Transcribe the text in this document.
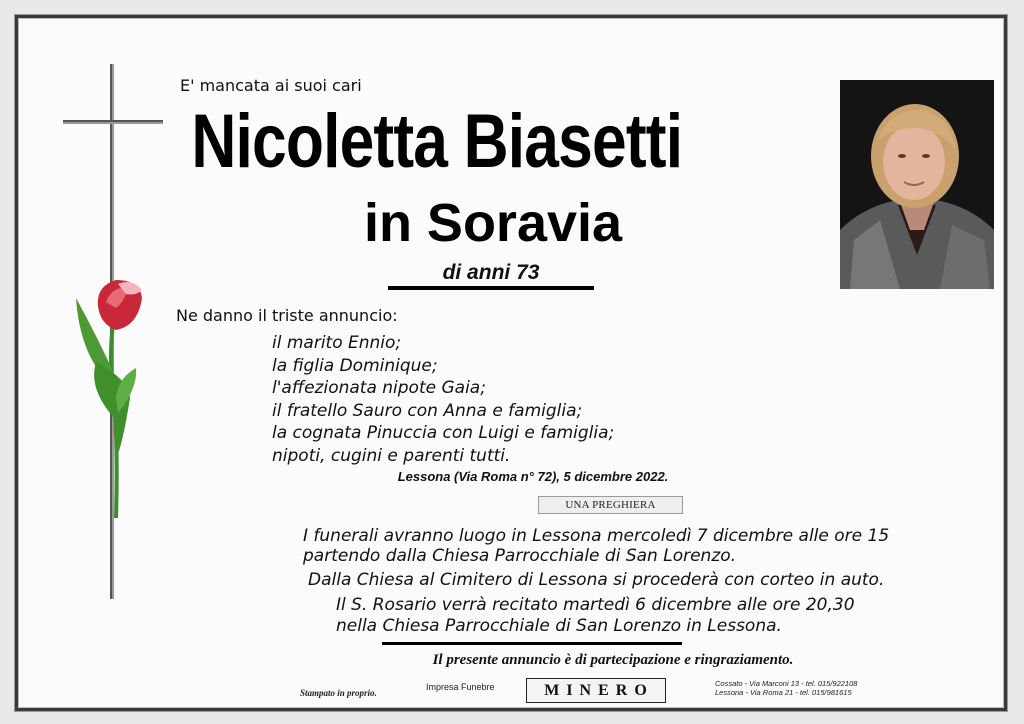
E' mancata ai suoi cari
Nicoletta Biasetti
in Soravia
di anni 73
Ne danno il triste annuncio:
il marito Ennio;
la figlia Dominique;
l'affezionata nipote Gaia;
il fratello Sauro con Anna e famiglia;
la cognata Pinuccia con Luigi e famiglia;
nipoti, cugini e parenti tutti.
Lessona (Via Roma n° 72), 5 dicembre 2022.
UNA PREGHIERA

I funerali avranno luogo in Lessona mercoledì 7 dicembre alle ore 15

partendo dalla Chiesa Parrocchiale di San Lorenzo.

Dalla Chiesa al Cimitero di Lessona si procederà con corteo in auto.

Il S. Rosario verrà recitato martedì 6 dicembre alle ore 20,30

nella Chiesa Parrocchiale di San Lorenzo in Lessona.

Il presente annuncio è di partecipazione e ringraziamento.
Stampato in proprio.
Impresa Funebre	MINERO	Cossato - Via Marconi 13 - tel. 015/922108
Lessona - Via Roma 21 - tel. 015/981615
